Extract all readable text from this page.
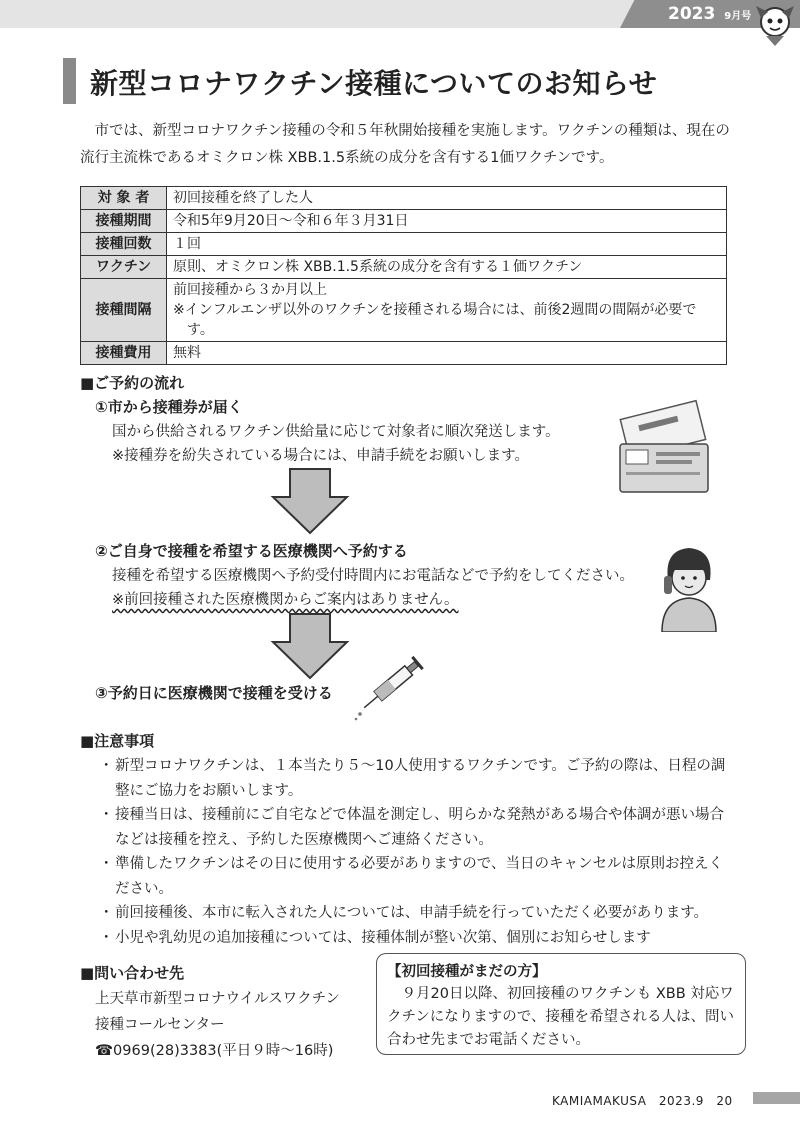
2023 9月号
新型コロナワクチン接種についてのお知らせ

市では、新型コロナワクチン接種の令和５年秋開始接種を実施します。ワクチンの種類は、現在の流行主流株であるオミクロン株 XBB.1.5系統の成分を含有する1価ワクチンです。

対 象 者	初回接種を終了した人
接種期間	令和5年9月20日～令和６年３月31日
接種回数	１回
ワクチン	原則、オミクロン株 XBB.1.5系統の成分を含有する１価ワクチン
接種間隔	前回接種から３か月以上
※インフルエンザ以外のワクチンを接種される場合には、前後2週間の間隔が必要です。

接種費用	無料
■ご予約の流れ
①市から接種券が届く
国から供給されるワクチン供給量に応じて対象者に順次発送します。
※接種券を紛失されている場合には、申請手続をお願いします。
②ご自身で接種を希望する医療機関へ予約する
接種を希望する医療機関へ予約受付時間内にお電話などで予約をしてください。
※前回接種された医療機関からご案内はありません。
③予約日に医療機関で接種を受ける
■注意事項
・ 新型コロナワクチンは、１本当たり５～10人使用するワクチンです。ご予約の際は、日程の調整にご協力をお願いします。
・ 接種当日は、接種前にご自宅などで体温を測定し、明らかな発熱がある場合や体調が悪い場合などは接種を控え、予約した医療機関へご連絡ください。
・ 準備したワクチンはその日に使用する必要がありますので、当日のキャンセルは原則お控えください。
・ 前回接種後、本市に転入された人については、申請手続を行っていただく必要があります。
・ 小児や乳幼児の追加接種については、接種体制が整い次第、個別にお知らせします
■問い合わせ先
上天草市新型コロナウイルスワクチン
接種コールセンター
☎0969(28)3383(平日９時～16時)
【初回接種がまだの方】
９月20日以降、初回接種のワクチンも XBB 対応ワクチンになりますので、接種を希望される人は、問い合わせ先までお電話ください。
KAMIAMAKUSA　2023.9　20
